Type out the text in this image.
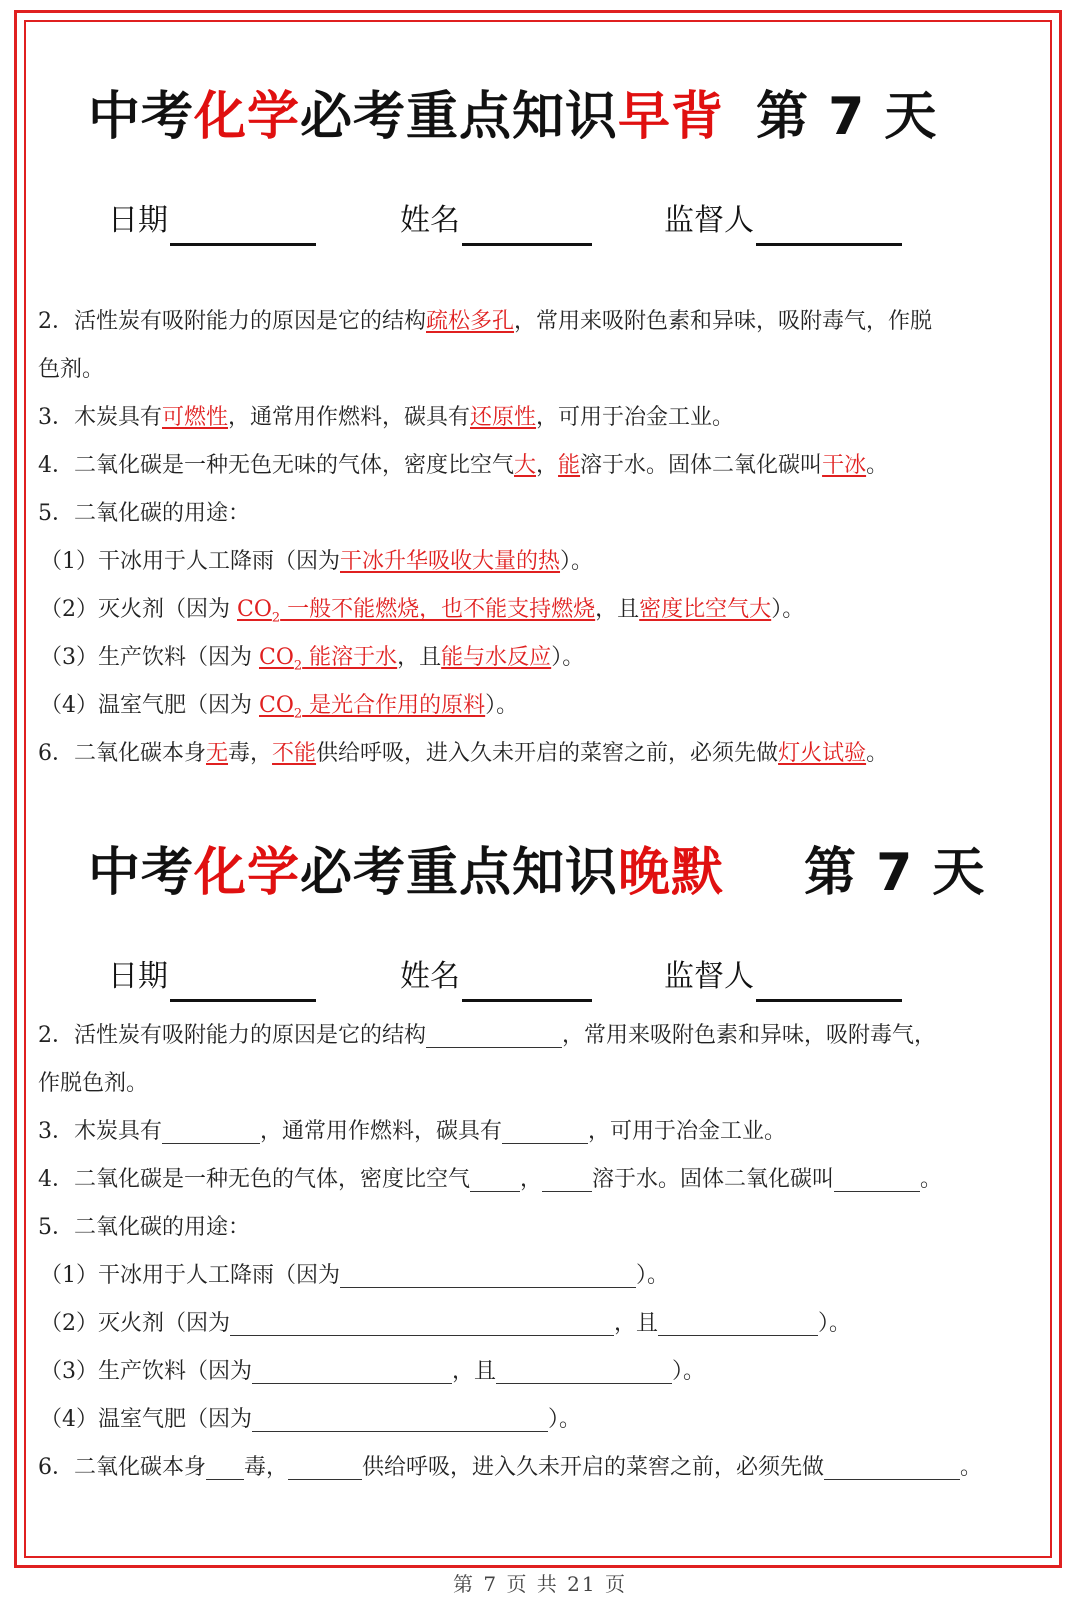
中考化学必考重点知识早背 第 7 天
日期	姓名	监督人
2．活性炭有吸附能力的原因是它的结构疏松多孔，常用来吸附色素和异味，吸附毒气，作脱
色剂。
3．木炭具有可燃性，通常用作燃料，碳具有还原性，可用于冶金工业。
4．二氧化碳是一种无色无味的气体，密度比空气大，能溶于水。固体二氧化碳叫干冰。
5．二氧化碳的用途：
（1）干冰用于人工降雨（因为干冰升华吸收大量的热）。
（2）灭火剂（因为 $CO_2$ 一般不能燃烧，也不能支持燃烧，且密度比空气大）。
（3）生产饮料（因为 $CO_2$ 能溶于水，且能与水反应）。
（4）温室气肥（因为 $CO_2$ 是光合作用的原料）。
6．二氧化碳本身无毒，不能供给呼吸，进入久未开启的菜窖之前，必须先做灯火试验。
中考化学必考重点知识晚默 第 7 天
日期	姓名	监督人
2．活性炭有吸附能力的原因是它的结构	，常用来吸附色素和异味，吸附毒气，
作脱色剂。
3．木炭具有	，通常用作燃料，碳具有	，可用于冶金工业。
4．二氧化碳是一种无色的气体，密度比空气 ， 溶于水。固体二氧化碳叫	。
5．二氧化碳的用途：
（1）干冰用于人工降雨（因为	）。
（2）灭火剂（因为	，且	）。
（3）生产饮料（因为	，且	）。
（4）温室气肥（因为	）。
6．二氧化碳本身 毒，	供给呼吸，进入久未开启的菜窖之前，必须先做	。
第 7 页 共 21 页
